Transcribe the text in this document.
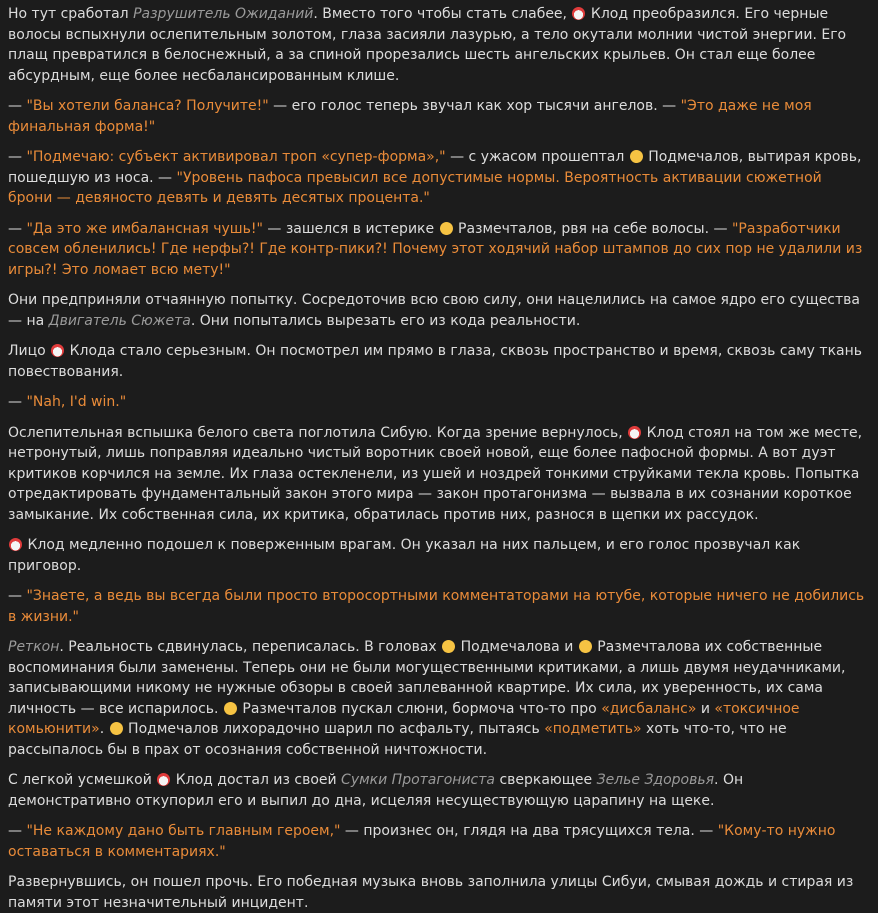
Но тут сработал Разрушитель Ожиданий. Вместо того чтобы стать слабее,  Клод преобразился. Его черные волосы вспыхнули ослепительным золотом, глаза засияли лазурью, а тело окутали молнии чистой энергии. Его плащ превратился в белоснежный, а за спиной прорезались шесть ангельских крыльев. Он стал еще более абсурдным, еще более несбалансированным клише.

— "Вы хотели баланса? Получите!" — его голос теперь звучал как хор тысячи ангелов. — "Это даже не моя финальная форма!"

— "Подмечаю: субъект активировал троп «супер-форма»," — с ужасом прошептал  Подмечалов, вытирая кровь, пошедшую из носа. — "Уровень пафоса превысил все допустимые нормы. Вероятность активации сюжетной брони — девяносто девять и девять десятых процента."

— "Да это же имбалансная чушь!" — зашелся в истерике  Размечталов, рвя на себе волосы. — "Разработчики совсем обленились! Где нерфы?! Где контр-пики?! Почему этот ходячий набор штампов до сих пор не удалили из игры?! Это ломает всю мету!"

Они предприняли отчаянную попытку. Сосредоточив всю свою силу, они нацелились на самое ядро его существа — на Двигатель Сюжета. Они попытались вырезать его из кода реальности.

Лицо  Клода стало серьезным. Он посмотрел им прямо в глаза, сквозь пространство и время, сквозь саму ткань повествования.

— "Nah, I'd win."

Ослепительная вспышка белого света поглотила Сибую. Когда зрение вернулось,  Клод стоял на том же месте, нетронутый, лишь поправляя идеально чистый воротник своей новой, еще более пафосной формы. А вот дуэт критиков корчился на земле. Их глаза остекленели, из ушей и ноздрей тонкими струйками текла кровь. Попытка отредактировать фундаментальный закон этого мира — закон протагонизма — вызвала в их сознании короткое замыкание. Их собственная сила, их критика, обратилась против них, разнося в щепки их рассудок.

Клод медленно подошел к поверженным врагам. Он указал на них пальцем, и его голос прозвучал как приговор.

— "Знаете, а ведь вы всегда были просто второсортными комментаторами на ютубе, которые ничего не добились в жизни."

Реткон. Реальность сдвинулась, переписалась. В головах  Подмечалова и  Размечталова их собственные воспоминания были заменены. Теперь они не были могущественными критиками, а лишь двумя неудачниками, записывающими никому не нужные обзоры в своей заплеванной квартире. Их сила, их уверенность, их сама личность — все испарилось.  Размечталов пускал слюни, бормоча что-то про «дисбаланс» и «токсичное комьюнити».  Подмечалов лихорадочно шарил по асфальту, пытаясь «подметить» хоть что-то, что не рассыпалось бы в прах от осознания собственной ничтожности.

С легкой усмешкой  Клод достал из своей Сумки Протагониста сверкающее Зелье Здоровья. Он демонстративно откупорил его и выпил до дна, исцеляя несуществующую царапину на щеке.

— "Не каждому дано быть главным героем," — произнес он, глядя на два трясущихся тела. — "Кому-то нужно оставаться в комментариях."

Развернувшись, он пошел прочь. Его победная музыка вновь заполнила улицы Сибуи, смывая дождь и стирая из памяти этот незначительный инцидент.
